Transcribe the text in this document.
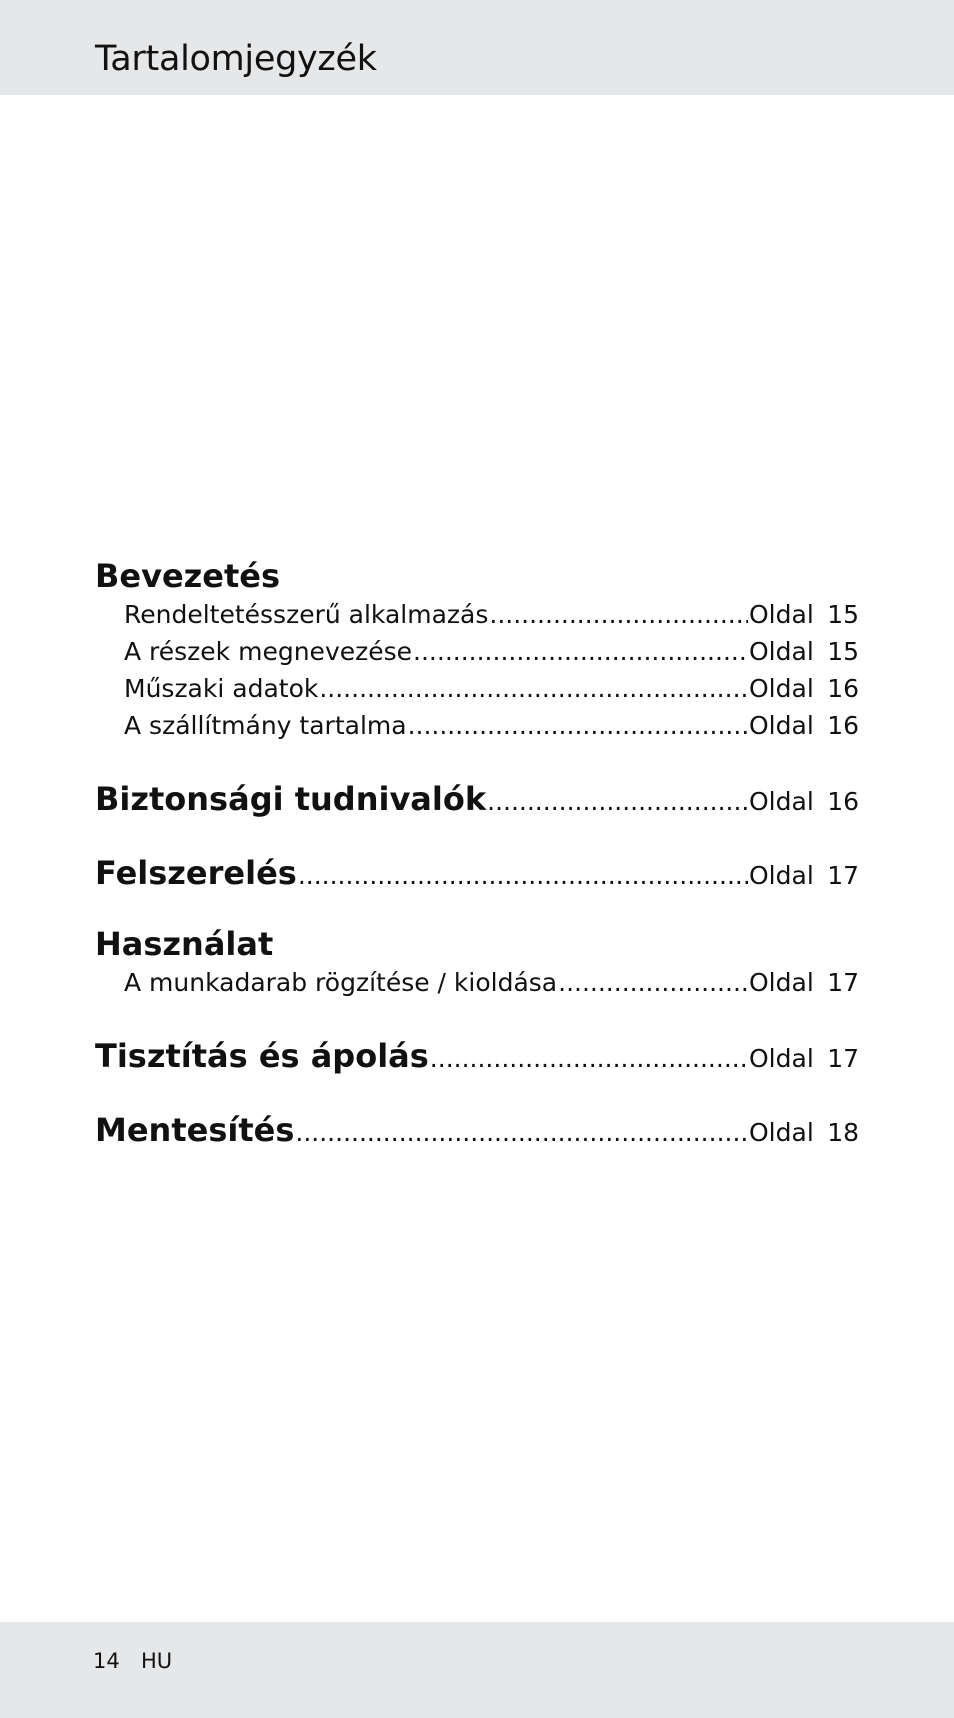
Tartalomjegyzék
Bevezetés
Rendeltetésszerű alkalmazás .....	Oldal 15
A részek megnevezése .....	Oldal 15
Műszaki adatok .....	Oldal 16
A szállítmány tartalma .....	Oldal 16
Biztonsági tudnivalók .....	Oldal 16
Felszerelés .....	Oldal 17
Használat
A munkadarab rögzítése / kioldása .....	Oldal 17
Tisztítás és ápolás .....	Oldal 17
Mentesítés .....	Oldal 18
14 HU
